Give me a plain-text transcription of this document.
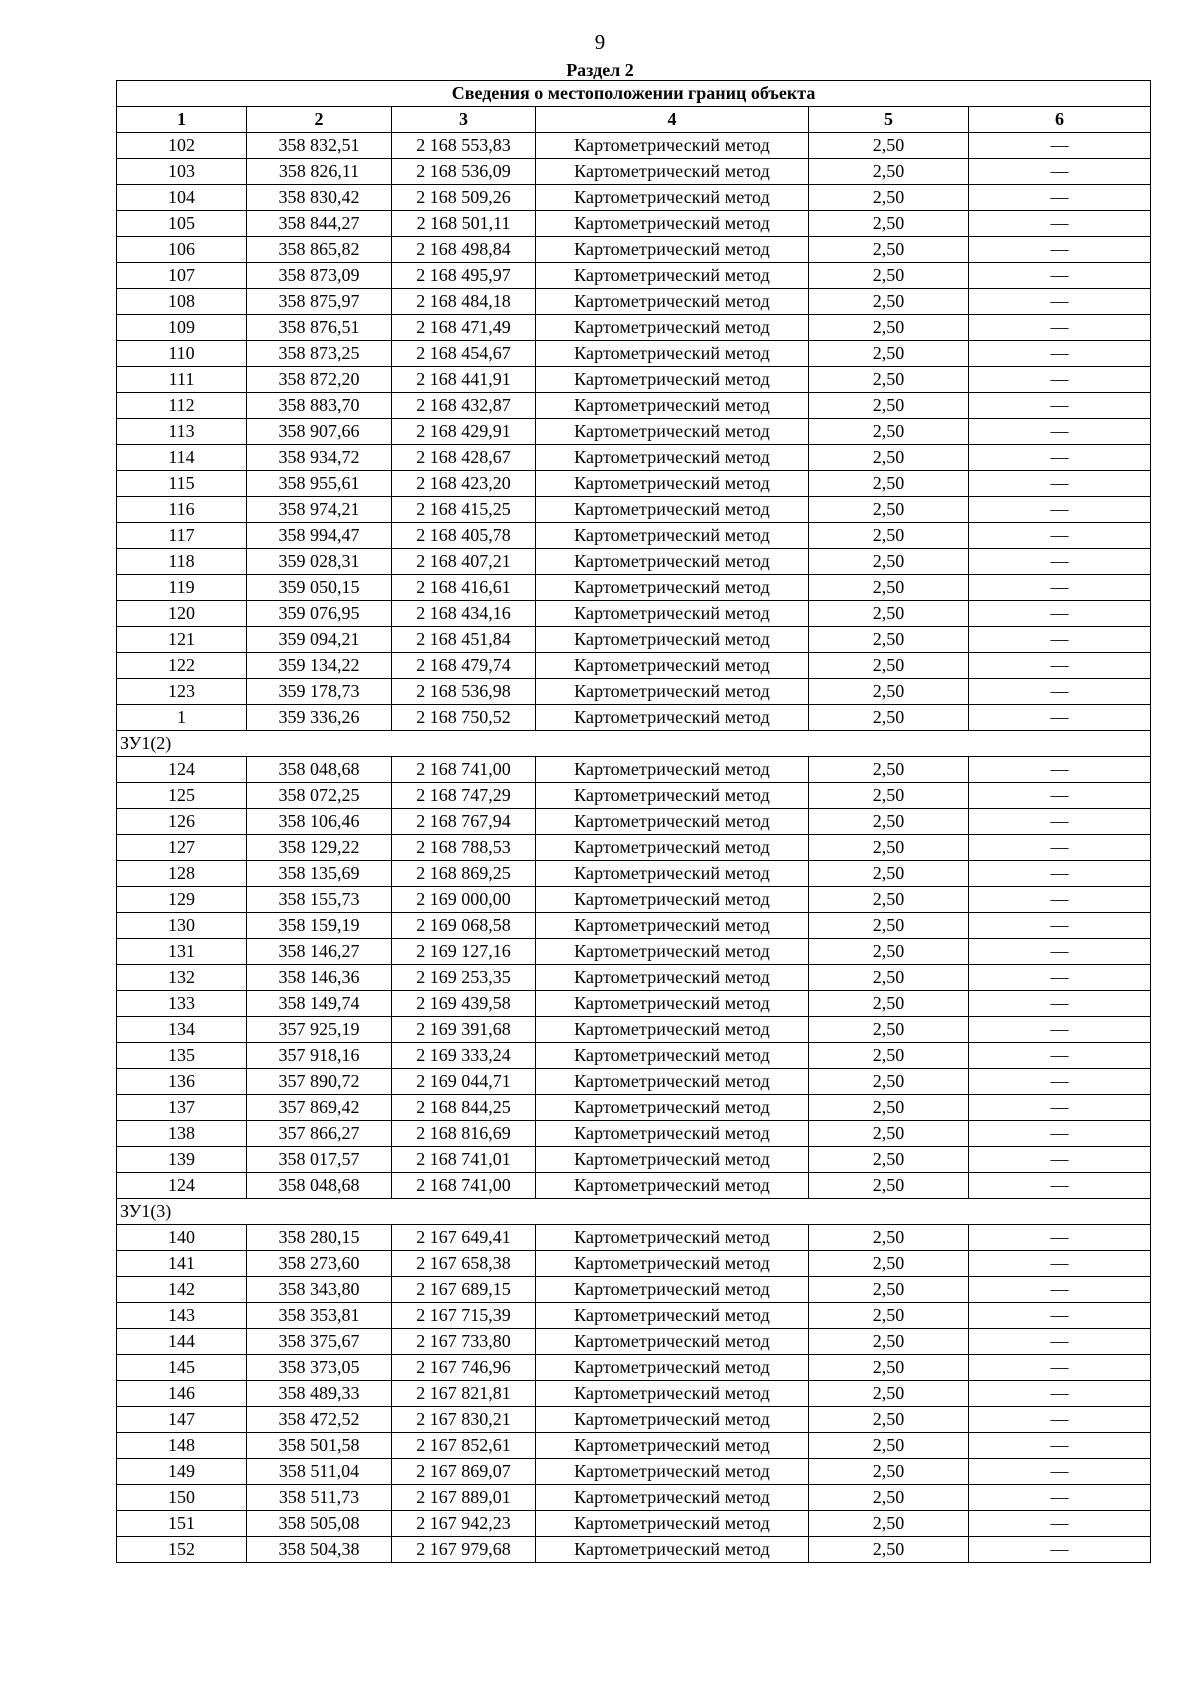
9
Раздел 2
Сведения о местоположении границ объекта					
1	2	3	4	5	6
102	358 832,51	2 168 553,83	Картометрический метод	2,50	—
103	358 826,11	2 168 536,09	Картометрический метод	2,50	—
104	358 830,42	2 168 509,26	Картометрический метод	2,50	—
105	358 844,27	2 168 501,11	Картометрический метод	2,50	—
106	358 865,82	2 168 498,84	Картометрический метод	2,50	—
107	358 873,09	2 168 495,97	Картометрический метод	2,50	—
108	358 875,97	2 168 484,18	Картометрический метод	2,50	—
109	358 876,51	2 168 471,49	Картометрический метод	2,50	—
110	358 873,25	2 168 454,67	Картометрический метод	2,50	—
111	358 872,20	2 168 441,91	Картометрический метод	2,50	—
112	358 883,70	2 168 432,87	Картометрический метод	2,50	—
113	358 907,66	2 168 429,91	Картометрический метод	2,50	—
114	358 934,72	2 168 428,67	Картометрический метод	2,50	—
115	358 955,61	2 168 423,20	Картометрический метод	2,50	—
116	358 974,21	2 168 415,25	Картометрический метод	2,50	—
117	358 994,47	2 168 405,78	Картометрический метод	2,50	—
118	359 028,31	2 168 407,21	Картометрический метод	2,50	—
119	359 050,15	2 168 416,61	Картометрический метод	2,50	—
120	359 076,95	2 168 434,16	Картометрический метод	2,50	—
121	359 094,21	2 168 451,84	Картометрический метод	2,50	—
122	359 134,22	2 168 479,74	Картометрический метод	2,50	—
123	359 178,73	2 168 536,98	Картометрический метод	2,50	—
1	359 336,26	2 168 750,52	Картометрический метод	2,50	—
ЗУ1(2)					
124	358 048,68	2 168 741,00	Картометрический метод	2,50	—
125	358 072,25	2 168 747,29	Картометрический метод	2,50	—
126	358 106,46	2 168 767,94	Картометрический метод	2,50	—
127	358 129,22	2 168 788,53	Картометрический метод	2,50	—
128	358 135,69	2 168 869,25	Картометрический метод	2,50	—
129	358 155,73	2 169 000,00	Картометрический метод	2,50	—
130	358 159,19	2 169 068,58	Картометрический метод	2,50	—
131	358 146,27	2 169 127,16	Картометрический метод	2,50	—
132	358 146,36	2 169 253,35	Картометрический метод	2,50	—
133	358 149,74	2 169 439,58	Картометрический метод	2,50	—
134	357 925,19	2 169 391,68	Картометрический метод	2,50	—
135	357 918,16	2 169 333,24	Картометрический метод	2,50	—
136	357 890,72	2 169 044,71	Картометрический метод	2,50	—
137	357 869,42	2 168 844,25	Картометрический метод	2,50	—
138	357 866,27	2 168 816,69	Картометрический метод	2,50	—
139	358 017,57	2 168 741,01	Картометрический метод	2,50	—
124	358 048,68	2 168 741,00	Картометрический метод	2,50	—
ЗУ1(3)					
140	358 280,15	2 167 649,41	Картометрический метод	2,50	—
141	358 273,60	2 167 658,38	Картометрический метод	2,50	—
142	358 343,80	2 167 689,15	Картометрический метод	2,50	—
143	358 353,81	2 167 715,39	Картометрический метод	2,50	—
144	358 375,67	2 167 733,80	Картометрический метод	2,50	—
145	358 373,05	2 167 746,96	Картометрический метод	2,50	—
146	358 489,33	2 167 821,81	Картометрический метод	2,50	—
147	358 472,52	2 167 830,21	Картометрический метод	2,50	—
148	358 501,58	2 167 852,61	Картометрический метод	2,50	—
149	358 511,04	2 167 869,07	Картометрический метод	2,50	—
150	358 511,73	2 167 889,01	Картометрический метод	2,50	—
151	358 505,08	2 167 942,23	Картометрический метод	2,50	—
152	358 504,38	2 167 979,68	Картометрический метод	2,50	—
